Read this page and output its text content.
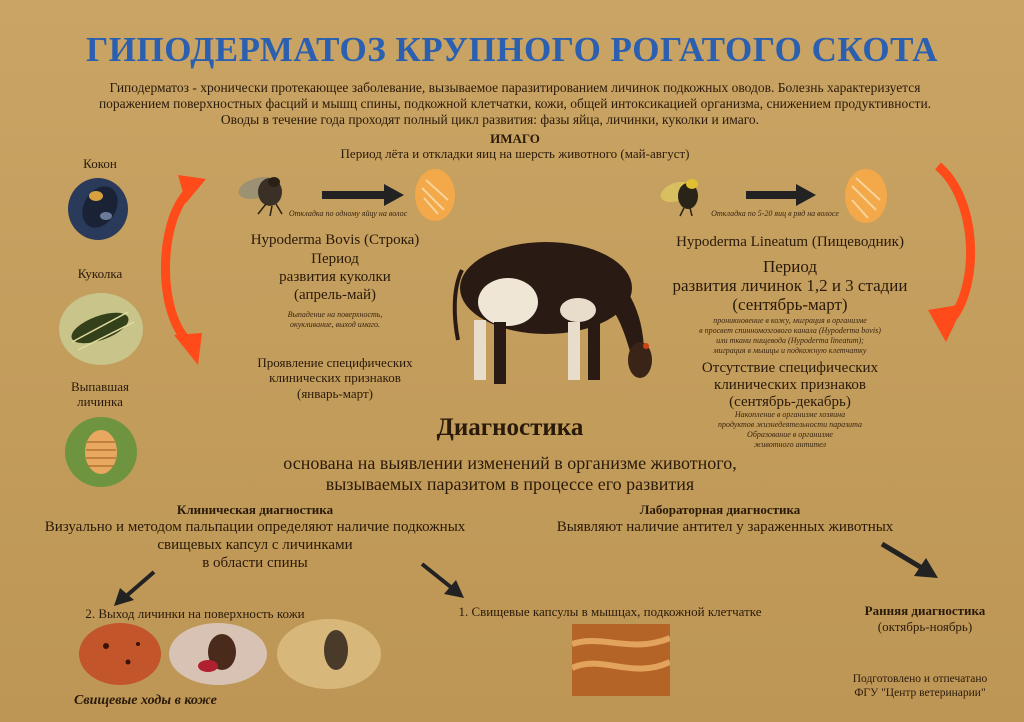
ГИПОДЕРМАТОЗ КРУПНОГО РОГАТОГО СКОТА
Гиподерматоз - хронически протекающее заболевание, вызываемое паразитированием личинок подкожных оводов. Болезнь характеризуется
поражением поверхностных фасций и мышц спины, подкожной клетчатки, кожи, общей интоксикацией организма, снижением продуктивности.
Оводы в течение года проходят полный цикл развития: фазы яйца, личинки, куколки и имаго.
ИМАГО
Период лёта и откладки яиц на шерсть животного (май-август)
Кокон
Куколка
Выпавшая
личинка
Откладка по одному яйцу на волос	Откладка по 5-20 яиц в ряд на волосе
Hypoderma Bovis (Строка)
Период
развития куколки
(апрель-май)
Выпадение на поверхность,
окукливание, выход имаго.
Проявление специфических
клинических признаков
(январь-март)
Hypoderma Lineatum (Пищеводник)
Период
развития личинок 1,2 и 3 стадии
(сентябрь-март)
проникновение в кожу, миграция в организме
в просвет спинномозгового канала (Hypoderma bovis)
или ткани пищевода (Hypoderma lineatum);
миграция в мышцы и подкожную клетчатку
Отсутствие специфических
клинических признаков
(сентябрь-декабрь)
Накопление в организме хозяина
продуктов жизнедеятельности паразита
Образование в организме
животного антител
Диагностика
основана на выявлении изменений в организме животного,
вызываемых паразитом в процессе его развития
Клиническая диагностика
Визуально и методом пальпации определяют наличие подкожных
свищевых капсул с личинками
в области спины
Лабораторная диагностика
Выявляют наличие антител у зараженных животных
2. Выход личинки на поверхность кожи	1. Свищевые капсулы в мышцах, подкожной клетчатке
Свищевые ходы в коже
Ранняя диагностика
(октябрь-ноябрь)
Подготовлено и отпечатано
ФГУ "Центр ветеринарии"
